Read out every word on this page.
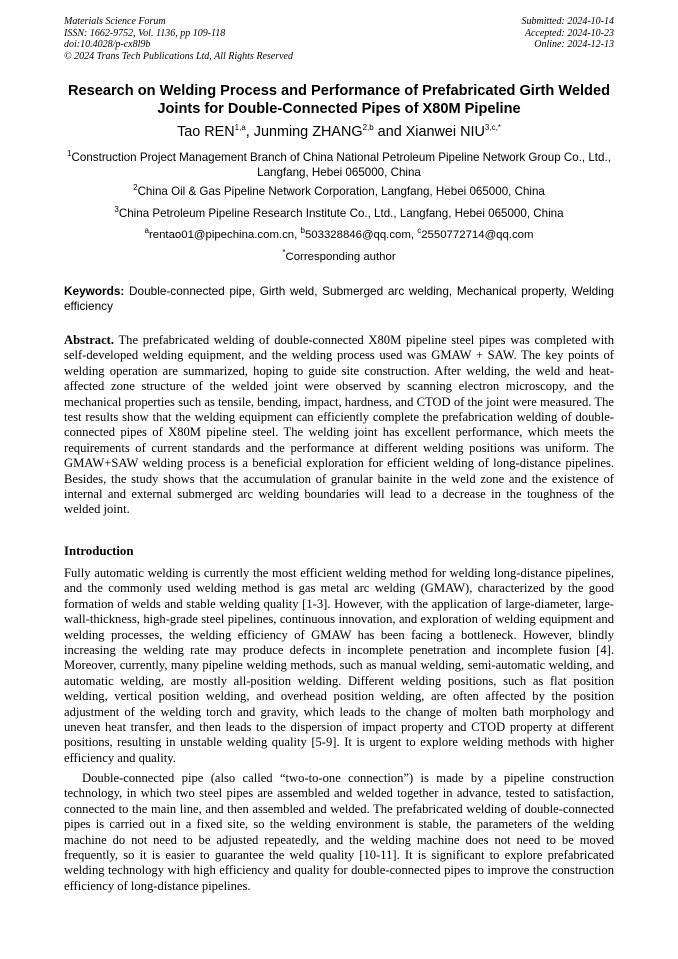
Materials Science Forum
ISSN: 1662-9752, Vol. 1136, pp 109-118
doi:10.4028/p-cx8l9b
© 2024 Trans Tech Publications Ltd, All Rights Reserved
Submitted: 2024-10-14
Accepted: 2024-10-23
Online: 2024-12-13
Research on Welding Process and Performance of Prefabricated Girth Welded Joints for Double-Connected Pipes of X80M Pipeline
Tao REN$^{1,a}$, Junming ZHANG$^{2,b}$ and Xianwei $NIU^{3,c,*}$
$^1$Construction Project Management Branch of China National Petroleum Pipeline Network Group Co., Ltd., Langfang, Hebei 065000, China
$^2$China Oil & Gas Pipeline Network Corporation, Langfang, Hebei 065000, China
$^3$China Petroleum Pipeline Research Institute Co., Ltd., Langfang, Hebei 065000, China
$^a$rentao01@pipechina.com.cn, $^b$503328846@qq.com, $^c$2550772714@qq.com
*Corresponding author
Keywords: Double-connected pipe, Girth weld, Submerged arc welding, Mechanical property, Welding efficiency
Abstract. The prefabricated welding of double-connected X80M pipeline steel pipes was completed with self-developed welding equipment, and the welding process used was GMAW + SAW. The key points of welding operation are summarized, hoping to guide site construction. After welding, the weld and heat-affected zone structure of the welded joint were observed by scanning electron microscopy, and the mechanical properties such as tensile, bending, impact, hardness, and CTOD of the joint were measured. The test results show that the welding equipment can efficiently complete the prefabrication welding of double-connected pipes of X80M pipeline steel. The welding joint has excellent performance, which meets the requirements of current standards and the performance at different welding positions was uniform. The GMAW+SAW welding process is a beneficial exploration for efficient welding of long-distance pipelines. Besides, the study shows that the accumulation of granular bainite in the weld zone and the existence of internal and external submerged arc welding boundaries will lead to a decrease in the toughness of the welded joint.
Introduction

Fully automatic welding is currently the most efficient welding method for welding long-distance pipelines, and the commonly used welding method is gas metal arc welding (GMAW), characterized by the good formation of welds and stable welding quality [1-3]. However, with the application of large-diameter, large-wall-thickness, high-grade steel pipelines, continuous innovation, and exploration of welding equipment and welding processes, the welding efficiency of GMAW has been facing a bottleneck. However, blindly increasing the welding rate may produce defects in incomplete penetration and incomplete fusion [4]. Moreover, currently, many pipeline welding methods, such as manual welding, semi-automatic welding, and automatic welding, are mostly all-position welding. Different welding positions, such as flat position welding, vertical position welding, and overhead position welding, are often affected by the position adjustment of the welding torch and gravity, which leads to the change of molten bath morphology and uneven heat transfer, and then leads to the dispersion of impact property and CTOD property at different positions, resulting in unstable welding quality [5-9]. It is urgent to explore welding methods with higher efficiency and quality.

Double-connected pipe (also called “two-to-one connection”) is made by a pipeline construction technology, in which two steel pipes are assembled and welded together in advance, tested to satisfaction, connected to the main line, and then assembled and welded. The prefabricated welding of double-connected pipes is carried out in a fixed site, so the welding environment is stable, the parameters of the welding machine do not need to be adjusted repeatedly, and the welding machine does not need to be moved frequently, so it is easier to guarantee the weld quality [10-11]. It is significant to explore prefabricated welding technology with high efficiency and quality for double-connected pipes to improve the construction efficiency of long-distance pipelines.
